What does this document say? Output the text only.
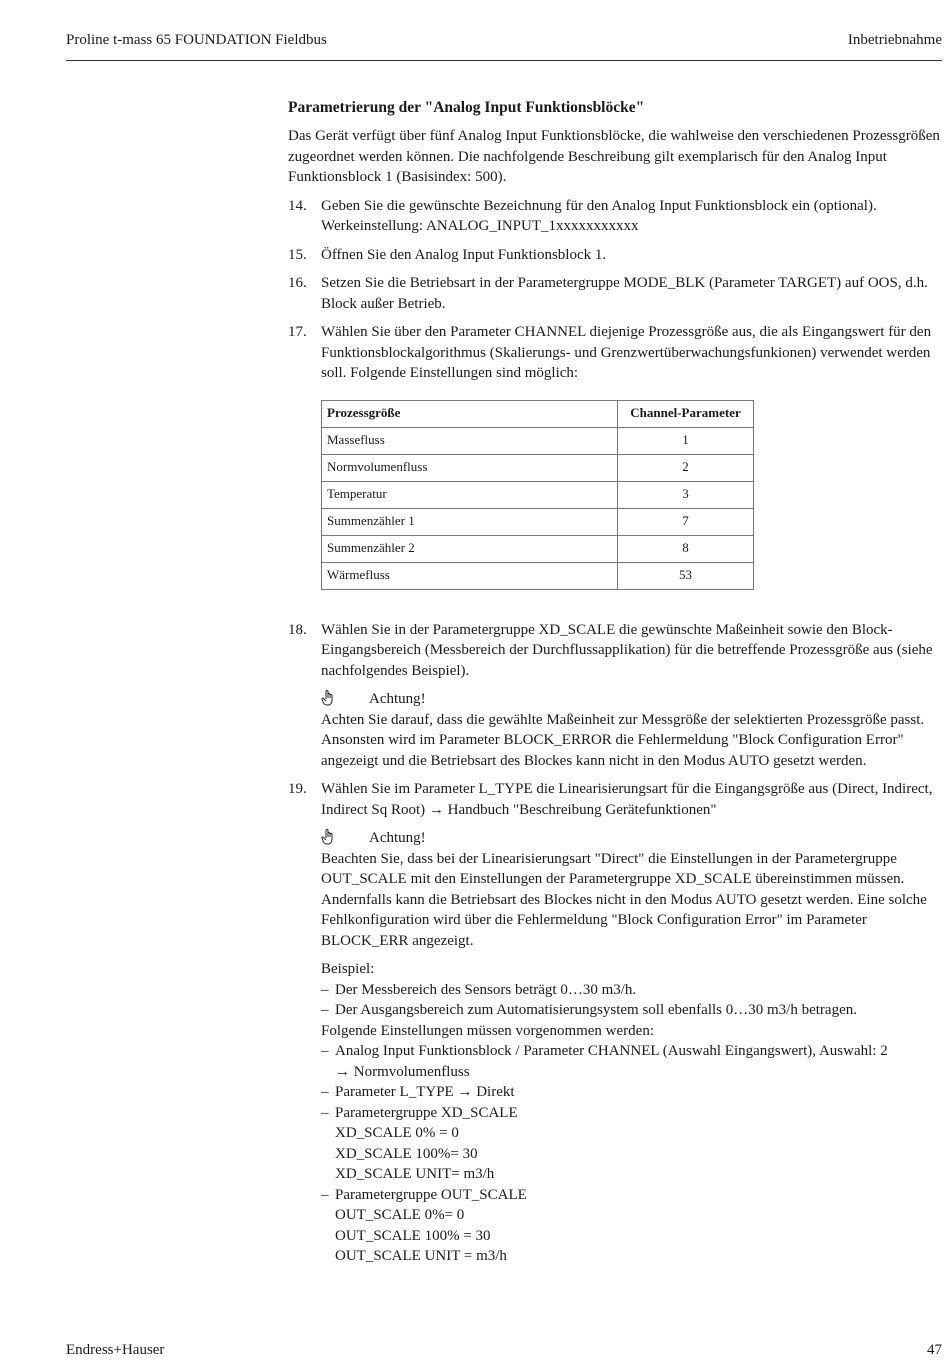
Proline t-mass 65 FOUNDATION Fieldbus	Inbetriebnahme
Parametrierung der "Analog Input Funktionsblöcke"

Das Gerät verfügt über fünf Analog Input Funktionsblöcke, die wahlweise den verschiedenen Prozessgrößen zugeordnet werden können. Die nachfolgende Beschreibung gilt exemplarisch für den Analog Input Funktionsblock 1 (Basisindex: 500).

14. Geben Sie die gewünschte Bezeichnung für den Analog Input Funktionsblock ein (optional).
Werkeinstellung: ANALOG_INPUT_1xxxxxxxxxxx
15. Öffnen Sie den Analog Input Funktionsblock 1.
16. Setzen Sie die Betriebsart in der Parametergruppe MODE_BLK (Parameter TARGET) auf OOS, d.h. Block außer Betrieb.
17. Wählen Sie über den Parameter CHANNEL diejenige Prozessgröße aus, die als Eingangswert für den Funktionsblockalgorithmus (Skalierungs- und Grenzwertüberwachungsfunkionen) verwendet werden soll. Folgende Einstellungen sind möglich:
Prozessgröße	Channel-Parameter
Massefluss	1
Normvolumenfluss	2
Temperatur	3
Summenzähler 1	7
Summenzähler 2	8
Wärmefluss	53
18. Wählen Sie in der Parametergruppe XD_SCALE die gewünschte Maßeinheit sowie den Block-Eingangsbereich (Messbereich der Durchflussapplikation) für die betreffende Prozessgröße aus (siehe nachfolgendes Beispiel).
Achtung!
Achten Sie darauf, dass die gewählte Maßeinheit zur Messgröße der selektierten Prozessgröße passt. Ansonsten wird im Parameter BLOCK_ERROR die Fehlermeldung "Block Configuration Error" angezeigt und die Betriebsart des Blockes kann nicht in den Modus AUTO gesetzt werden.
19. Wählen Sie im Parameter L_TYPE die Linearisierungsart für die Eingangsgröße aus (Direct, Indirect, Indirect Sq Root) → Handbuch "Beschreibung Gerätefunktionen"
Achtung!
Beachten Sie, dass bei der Linearisierungsart "Direct" die Einstellungen in der Parametergruppe OUT_SCALE mit den Einstellungen der Parametergruppe XD_SCALE übereinstimmen müssen. Andernfalls kann die Betriebsart des Blockes nicht in den Modus AUTO gesetzt werden. Eine solche Fehlkonfiguration wird über die Fehlermeldung "Block Configuration Error" im Parameter BLOCK_ERR angezeigt.
Beispiel:
– Der Messbereich des Sensors beträgt 0…30 m3/h.
– Der Ausgangsbereich zum Automatisierungsystem soll ebenfalls 0…30 m3/h betragen.
Folgende Einstellungen müssen vorgenommen werden:
– Analog Input Funktionsblock / Parameter CHANNEL (Auswahl Eingangswert), Auswahl: 2
→ Normvolumenfluss
– Parameter L_TYPE → Direkt
– Parametergruppe XD_SCALE
XD_SCALE 0% = 0
XD_SCALE 100%= 30
XD_SCALE UNIT= m3/h
– Parametergruppe OUT_SCALE
OUT_SCALE 0%= 0
OUT_SCALE 100% = 30
OUT_SCALE UNIT = m3/h
Endress+Hauser	47
